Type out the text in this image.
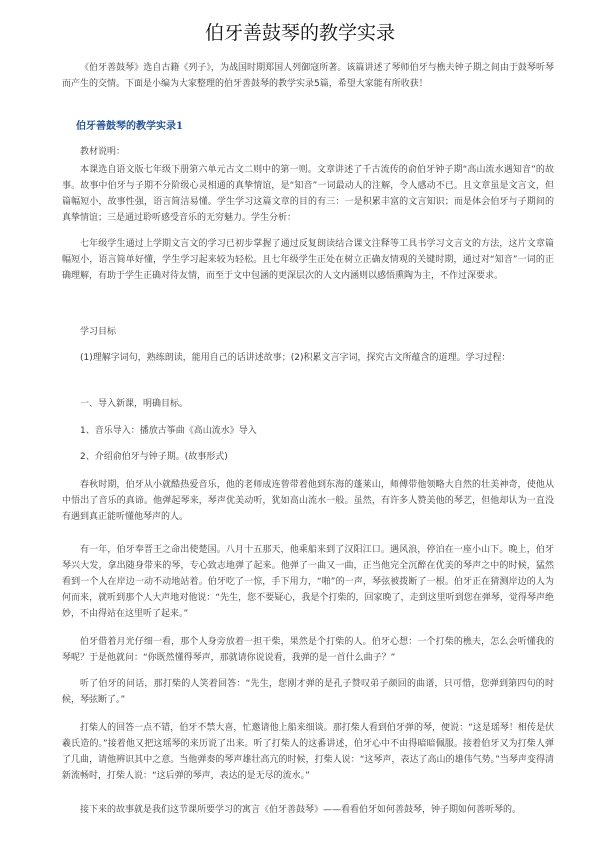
伯牙善鼓琴的教学实录
《伯牙善鼓琴》选自古籍《列子》，为战国时期郑国人列御寇所著。该篇讲述了琴师伯牙与樵夫钟子期之间由于鼓琴听琴而产生的交情。下面是小编为大家整理的伯牙善鼓琴的教学实录5篇，希望大家能有所收获！
伯牙善鼓琴的教学实录1
教材说明：
本课选自语文版七年级下册第六单元古文二则中的第一则。文章讲述了千古流传的俞伯牙钟子期“高山流水遇知音”的故事。故事中伯牙与子期不分阶级心灵相通的真挚情谊，是“知音”一词最动人的注解，令人感动不已。且文章虽是文言文，但篇幅短小，故事性强，语言简洁易懂。学生学习这篇文章的目的有三：一是积累丰富的文言知识；而是体会伯牙与子期间的真挚情谊；三是通过聆听感受音乐的无穷魅力。学生分析：
七年级学生通过上学期文言文的学习已初步掌握了通过反复朗读结合课文注释等工具书学习文言文的方法，这片文章篇幅短小，语言简单好懂，学生学习起来较为轻松。且七年级学生正处在树立正确友情观的关键时期，通过对“知音”一词的正确理解，有助于学生正确对待友情，而至于文中包涵的更深层次的人文内涵则以感悟熏陶为主，不作过深要求。
学习目标
(1)理解字词句，熟练朗读，能用自己的话讲述故事；(2)积累文言字词，探究古文所蕴含的道理。学习过程：
一、导入新课，明确目标。
1、音乐导入：播放古筝曲《高山流水》导入
2、介绍俞伯牙与钟子期。(故事形式)
春秋时期，伯牙从小就酷热爱音乐，他的老师成连曾带着他到东海的蓬莱山，师傅带他领略大自然的壮美神奇，使他从中悟出了音乐的真谛。他弹起琴来，琴声优美动听，犹如高山流水一般。虽然，有许多人赞美他的琴艺，但他却认为一直没有遇到真正能听懂他琴声的人。
有一年，伯牙奉晋王之命出使楚国。八月十五那天，他乘船来到了汉阳江口。遇风浪，停泊在一座小山下。晚上，伯牙琴兴大发，拿出随身带来的琴，专心致志地弹了起来。他弹了一曲又一曲，正当他完全沉醉在优美的琴声之中的时候，猛然看到一个人在岸边一动不动地站着。伯牙吃了一惊，手下用力，“啪”的一声，琴弦被拨断了一根。伯牙正在猜测岸边的人为何而来，就听到那个人大声地对他说：“先生，您不要疑心，我是个打柴的，回家晚了，走到这里听到您在弹琴，觉得琴声绝妙，不由得站在这里听了起来。”
伯牙借着月光仔细一看，那个人身旁放着一担干柴，果然是个打柴的人。伯牙心想：一个打柴的樵夫，怎么会听懂我的琴呢？于是他就问：“你既然懂得琴声，那就请你说说看，我弹的是一首什么曲子？”
听了伯牙的问话，那打柴的人笑着回答：“先生，您刚才弹的是孔子赞叹弟子颜回的曲谱，只可惜，您弹到第四句的时候，琴弦断了。”
打柴人的回答一点不错，伯牙不禁大喜，忙邀请他上船来细谈。那打柴人看到伯牙弹的琴，便说：“这是瑶琴！相传是伏羲氏造的。”接着他又把这瑶琴的来历说了出来。听了打柴人的这番讲述，伯牙心中不由得暗暗佩服。接着伯牙又为打柴人弹了几曲，请他辨识其中之意。当他弹奏的琴声雄壮高亢的时候，打柴人说：“这琴声，表达了高山的雄伟气势。”当琴声变得清新流畅时，打柴人说：“这后弹的琴声，表达的是无尽的流水。”
接下来的故事就是我们这节课所要学习的寓言《伯牙善鼓琴》——看看伯牙如何善鼓琴，钟子期如何善听琴的。
